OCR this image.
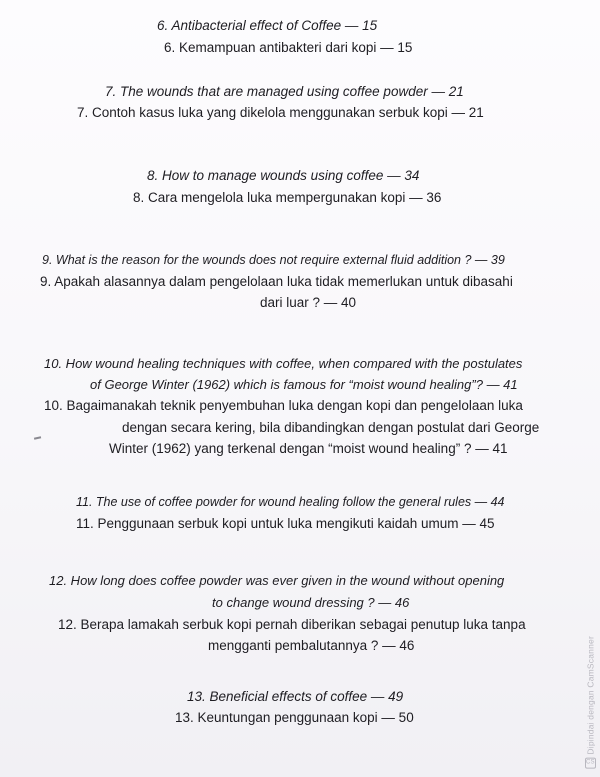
6. Antibacterial effect of Coffee — 15
6. Kemampuan antibakteri dari kopi — 15
7. The wounds that are managed using coffee powder — 21
7. Contoh kasus luka yang dikelola menggunakan serbuk kopi — 21
8. How to manage wounds using coffee — 34
8. Cara mengelola luka mempergunakan kopi — 36
9. What is the reason for the wounds does not require external fluid addition ? — 39
9. Apakah alasannya dalam pengelolaan luka tidak memerlukan untuk dibasahi
dari luar ? — 40
10. How wound healing techniques with coffee, when compared with the postulates
of George Winter (1962) which is famous for “moist wound healing”? — 41
10. Bagaimanakah teknik penyembuhan luka dengan kopi dan pengelolaan luka
dengan secara kering, bila dibandingkan dengan postulat dari George
Winter (1962) yang terkenal dengan “moist wound healing” ? — 41
11. The use of coffee powder for wound healing follow the general rules — 44
11. Penggunaan serbuk kopi untuk luka mengikuti kaidah umum — 45
12. How long does coffee powder was ever given in the wound without opening
to change wound dressing ? — 46
12. Berapa lamakah serbuk kopi pernah diberikan sebagai penutup luka tanpa
mengganti pembalutannya ? — 46
13. Beneficial effects of coffee — 49
13. Keuntungan penggunaan kopi — 50
CS
Dipindai dengan CamScanner
